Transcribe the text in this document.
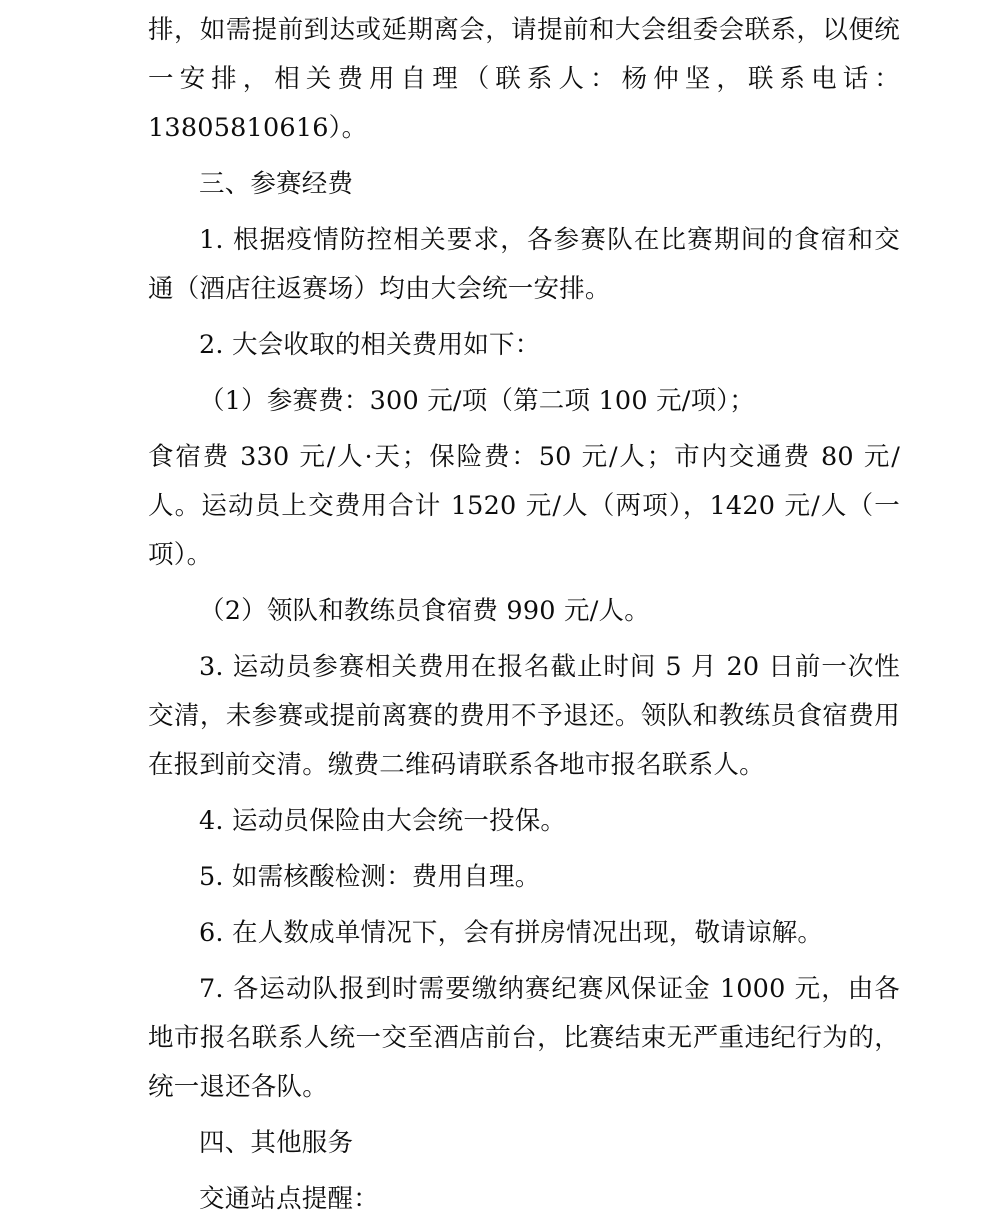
排，如需提前到达或延期离会，请提前和大会组委会联系，以便统一安排，相关费用自理（联系人：杨仲坚，联系电话：13805810616）。

三、参赛经费

1. 根据疫情防控相关要求，各参赛队在比赛期间的食宿和交通（酒店往返赛场）均由大会统一安排。

2. 大会收取的相关费用如下：

（1）参赛费：300 元/项（第二项 100 元/项）；

食宿费 330 元/人·天；保险费：50 元/人；市内交通费 80 元/人。运动员上交费用合计 1520 元/人（两项），1420 元/人（一项）。

（2）领队和教练员食宿费 990 元/人。

3. 运动员参赛相关费用在报名截止时间 5 月 20 日前一次性交清，未参赛或提前离赛的费用不予退还。领队和教练员食宿费用在报到前交清。缴费二维码请联系各地市报名联系人。

4. 运动员保险由大会统一投保。

5. 如需核酸检测：费用自理。

6. 在人数成单情况下，会有拼房情况出现，敬请谅解。

7. 各运动队报到时需要缴纳赛纪赛风保证金 1000 元，由各地市报名联系人统一交至酒店前台，比赛结束无严重违纪行为的，统一退还各队。

四、其他服务

交通站点提醒：
